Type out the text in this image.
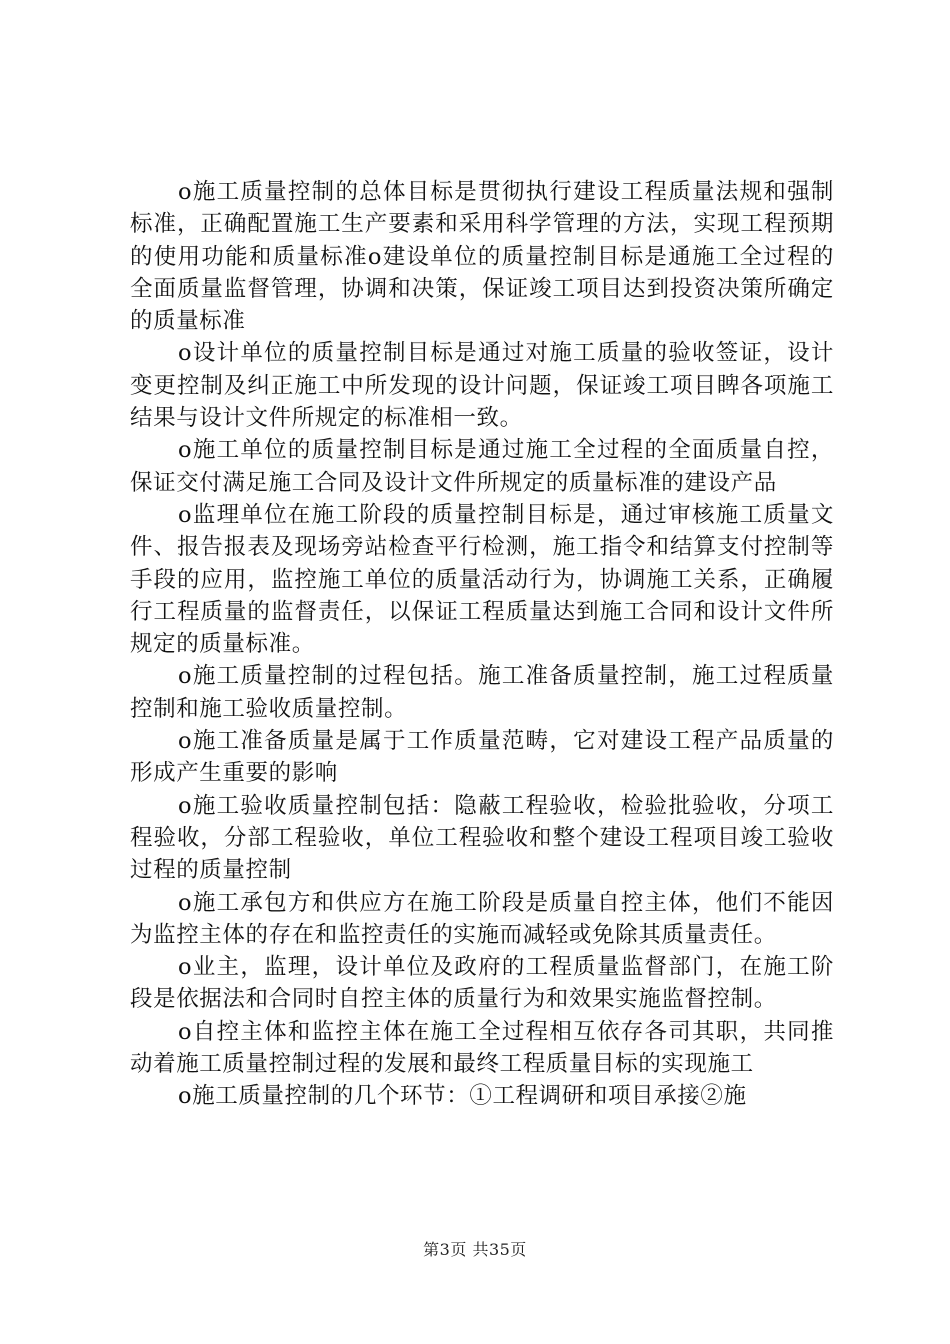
o施工质量控制的总体目标是贯彻执行建设工程质量法规和强制标准，正确配置施工生产要素和采用科学管理的方法，实现工程预期的使用功能和质量标准o建设单位的质量控制目标是通施工全过程的全面质量监督管理，协调和决策，保证竣工项目达到投资决策所确定的质量标准

o设计单位的质量控制目标是通过对施工质量的验收签证，设计变更控制及纠正施工中所发现的设计问题，保证竣工项目睥各项施工结果与设计文件所规定的标准相一致。

o施工单位的质量控制目标是通过施工全过程的全面质量自控，保证交付满足施工合同及设计文件所规定的质量标准的建设产品

o监理单位在施工阶段的质量控制目标是，通过审核施工质量文件、报告报表及现场旁站检查平行检测，施工指令和结算支付控制等手段的应用，监控施工单位的质量活动行为，协调施工关系，正确履行工程质量的监督责任，以保证工程质量达到施工合同和设计文件所规定的质量标准。

o施工质量控制的过程包括。施工准备质量控制，施工过程质量控制和施工验收质量控制。

o施工准备质量是属于工作质量范畴，它对建设工程产品质量的形成产生重要的影响

o施工验收质量控制包括：隐蔽工程验收，检验批验收，分项工程验收，分部工程验收，单位工程验收和整个建设工程项目竣工验收过程的质量控制

o施工承包方和供应方在施工阶段是质量自控主体，他们不能因为监控主体的存在和监控责任的实施而减轻或免除其质量责任。

o业主，监理，设计单位及政府的工程质量监督部门，在施工阶段是依据法和合同时自控主体的质量行为和效果实施监督控制。

o自控主体和监控主体在施工全过程相互依存各司其职，共同推动着施工质量控制过程的发展和最终工程质量目标的实现施工

o施工质量控制的几个环节：①工程调研和项目承接②施

第3页 共35页
